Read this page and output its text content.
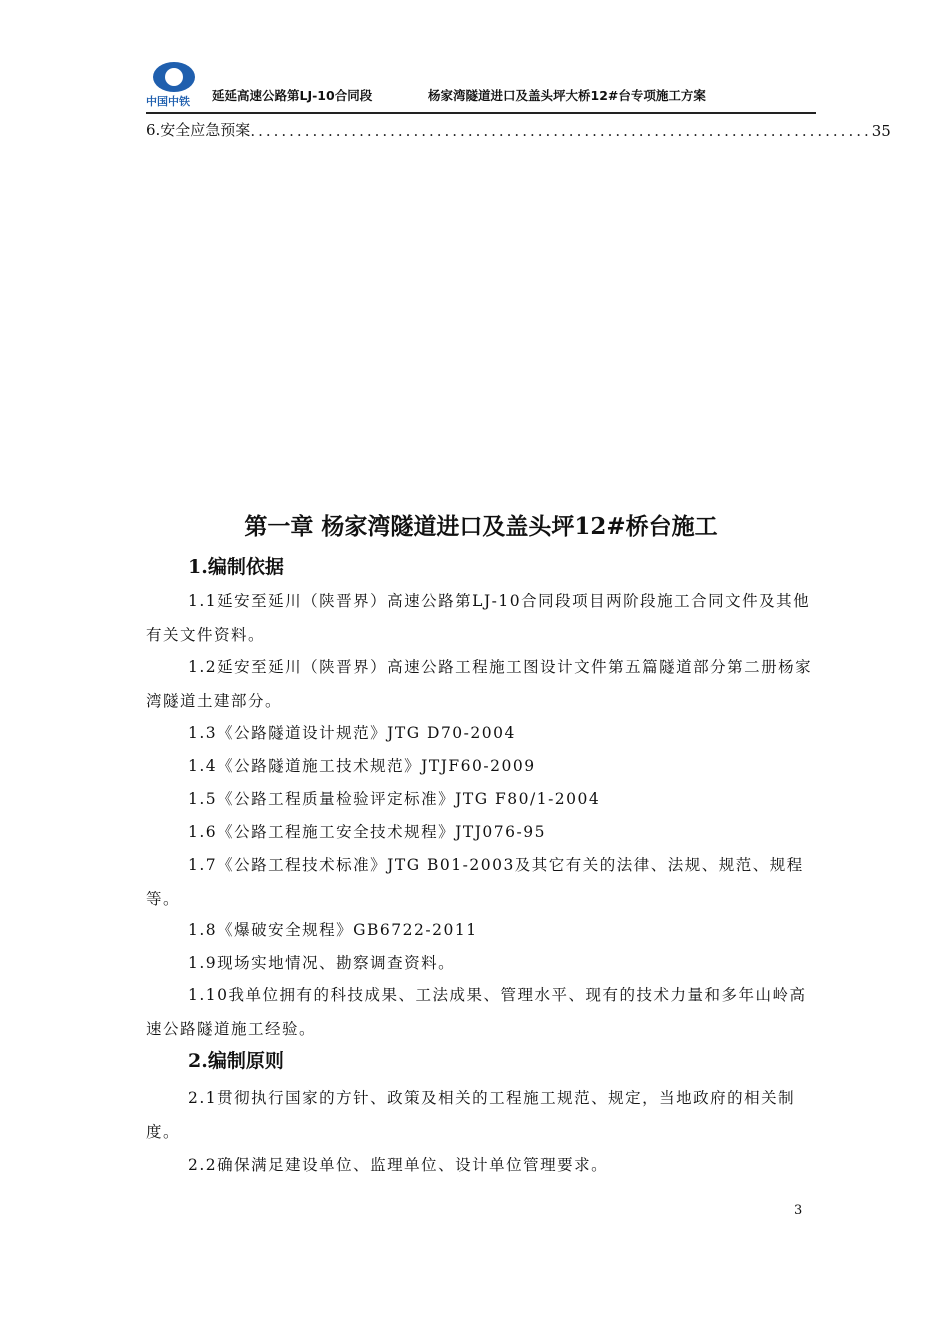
中国中铁	延延高速公路第LJ-10合同段	杨家湾隧道进口及盖头坪大桥12#台专项施工方案
6.安全应急预案 ................................................................................ 35
第一章 杨家湾隧道进口及盖头坪12#桥台施工
1.编制依据
1.1延安至延川（陕晋界）高速公路第LJ-10合同段项目两阶段施工合同文件及其他有关文件资料。
1.2延安至延川（陕晋界）高速公路工程施工图设计文件第五篇隧道部分第二册杨家湾隧道土建部分。
1.3《公路隧道设计规范》JTG D70-2004
1.4《公路隧道施工技术规范》JTJF60-2009
1.5《公路工程质量检验评定标准》JTG F80/1-2004
1.6《公路工程施工安全技术规程》JTJ076-95
1.7《公路工程技术标准》JTG B01-2003及其它有关的法律、法规、规范、规程等。
1.8《爆破安全规程》GB6722-2011
1.9现场实地情况、勘察调查资料。
1.10我单位拥有的科技成果、工法成果、管理水平、现有的技术力量和多年山岭高速公路隧道施工经验。
2.编制原则
2.1贯彻执行国家的方针、政策及相关的工程施工规范、规定，当地政府的相关制度。
2.2确保满足建设单位、监理单位、设计单位管理要求。
3
